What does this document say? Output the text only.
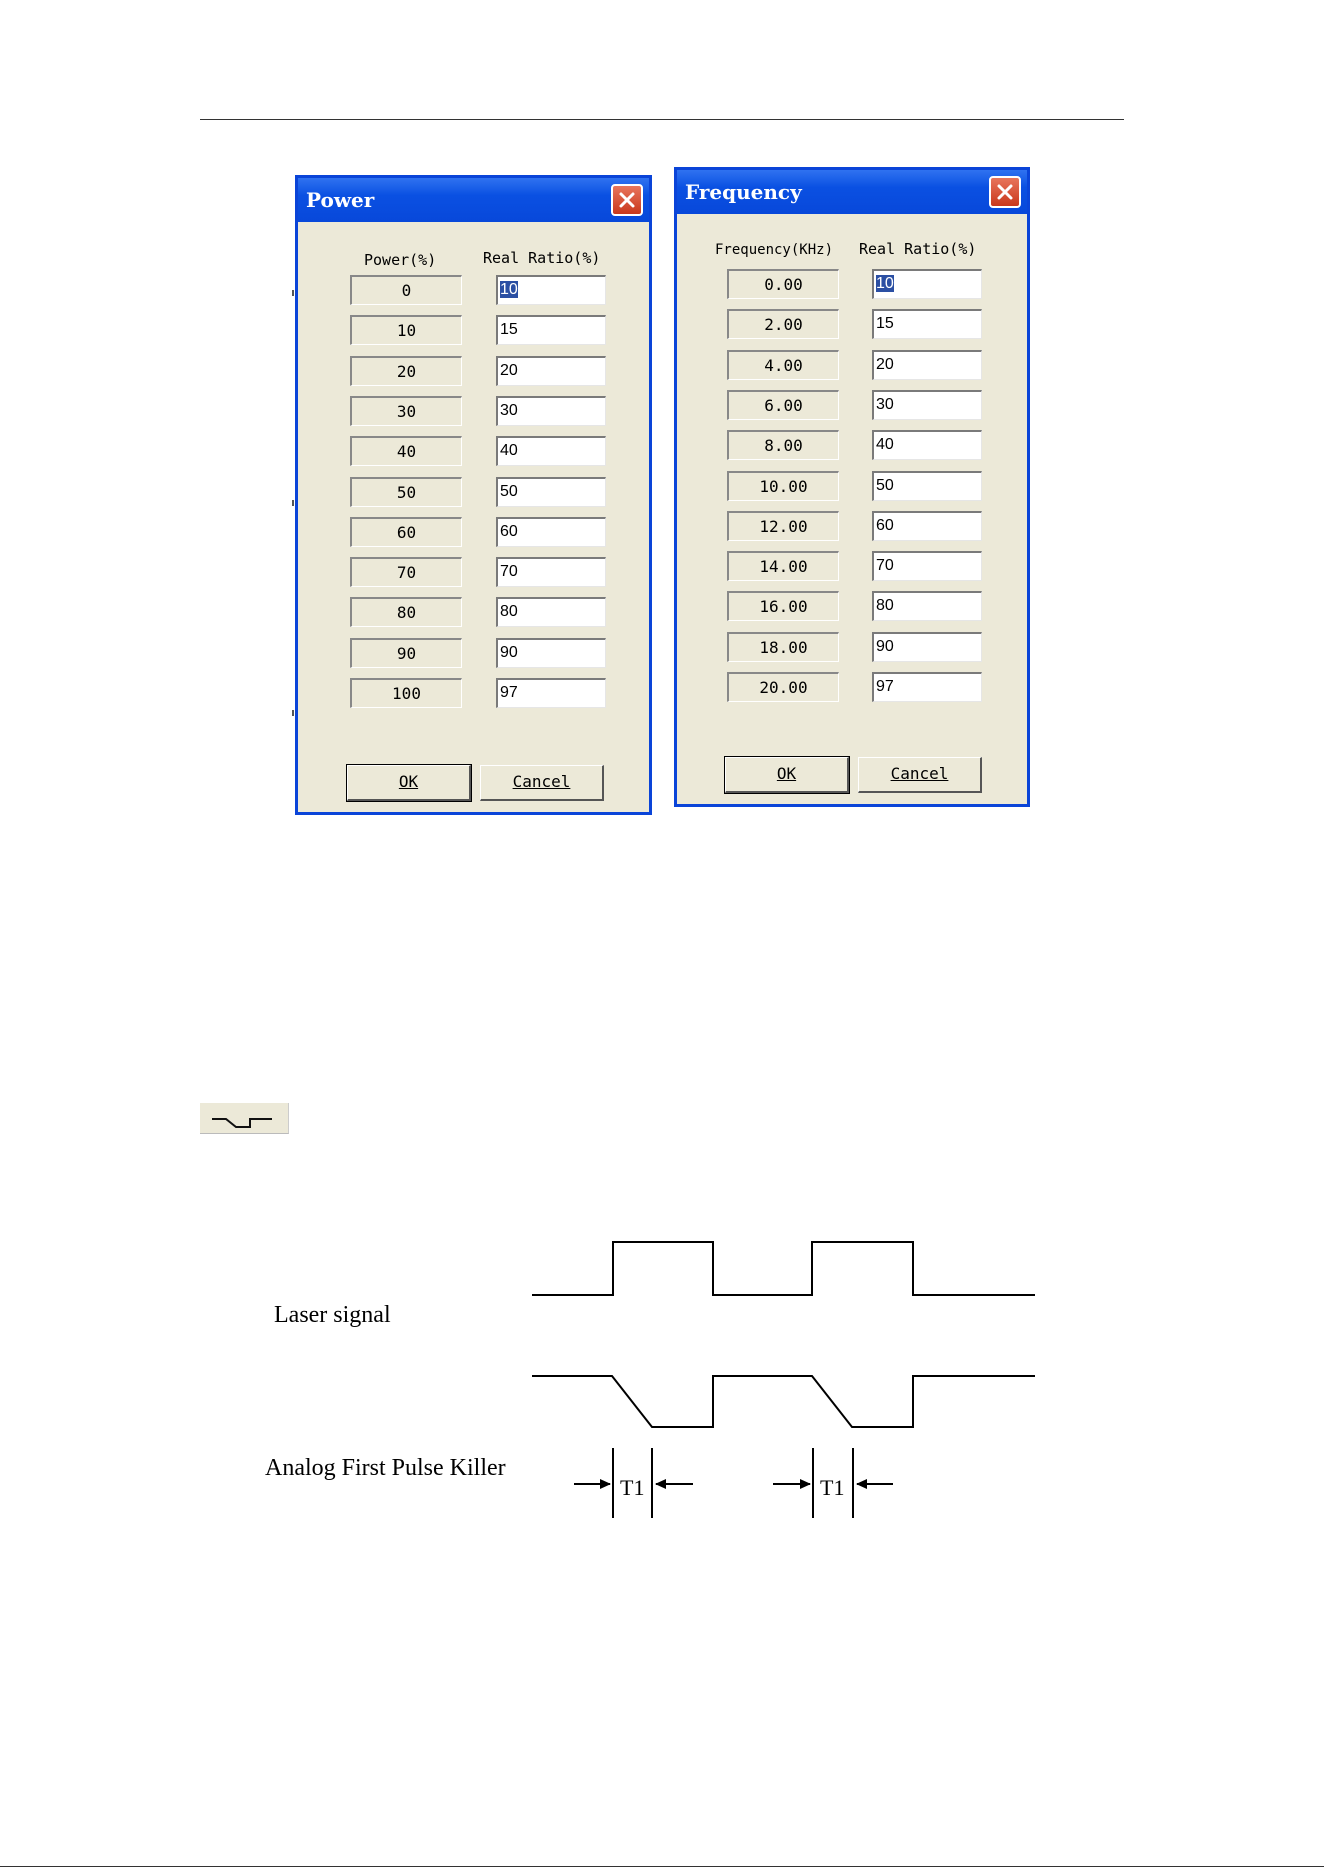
Power
Power(%)	Real Ratio(%)
0	10
10	15
20	20
30	30
40	40
50	50
60	60
70	70
80	80
90	90
100	97
OK	Cancel
Frequency
Frequency(KHz) Real Ratio(%)
0.00	10
2.00	15
4.00	20
6.00	30
8.00	40
10.00	50
12.00	60
14.00	70
16.00	80
18.00	90
20.00	97
OK	Cancel
Laser signal
Analog First Pulse Killer
T1	T1
